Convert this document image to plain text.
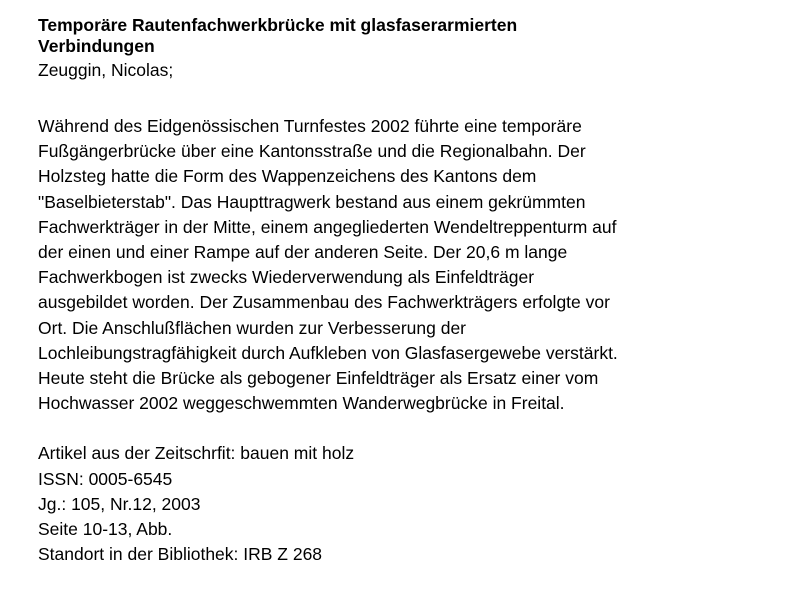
Temporäre Rautenfachwerkbrücke mit glasfaserarmierten
Verbindungen
Zeuggin, Nicolas;
Während des Eidgenössischen Turnfestes 2002 führte eine temporäre
Fußgängerbrücke über eine Kantonsstraße und die Regionalbahn. Der
Holzsteg hatte die Form des Wappenzeichens des Kantons dem
"Baselbieterstab". Das Haupttragwerk bestand aus einem gekrümmten
Fachwerkträger in der Mitte, einem angegliederten Wendeltreppenturm auf
der einen und einer Rampe auf der anderen Seite. Der 20,6 m lange
Fachwerkbogen ist zwecks Wiederverwendung als Einfeldträger
ausgebildet worden. Der Zusammenbau des Fachwerkträgers erfolgte vor
Ort. Die Anschlußflächen wurden zur Verbesserung der
Lochleibungstragfähigkeit durch Aufkleben von Glasfasergewebe verstärkt.
Heute steht die Brücke als gebogener Einfeldträger als Ersatz einer vom
Hochwasser 2002 weggeschwemmten Wanderwegbrücke in Freital.
Artikel aus der Zeitschrfit: bauen mit holz
ISSN: 0005-6545
Jg.: 105, Nr.12, 2003
Seite 10-13, Abb.
Standort in der Bibliothek: IRB Z 268
